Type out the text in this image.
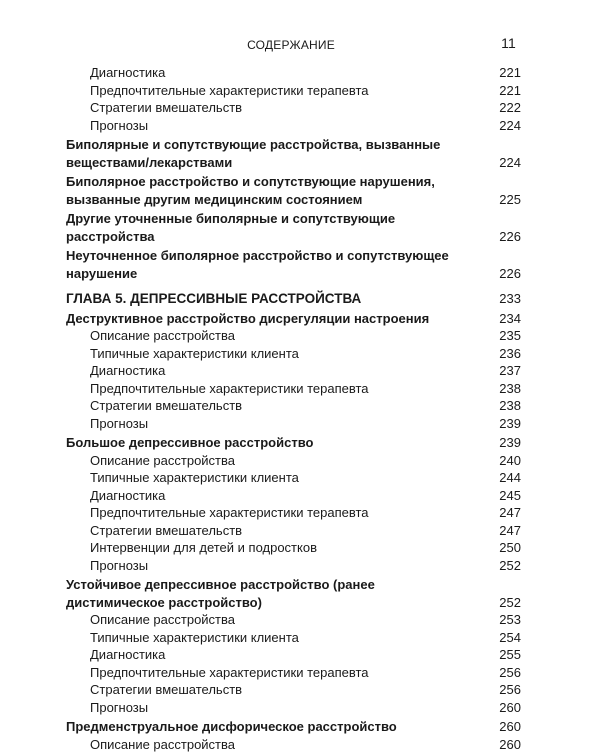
СОДЕРЖАНИЕ	11
Диагностика	221
Предпочтительные характеристики терапевта	221
Стратегии вмешательств	222
Прогнозы	224
Биполярные и сопутствующие расстройства, вызванные веществами/лекарствами	224
Биполярное расстройство и сопутствующие нарушения, вызванные другим медицинским состоянием	225
Другие уточненные биполярные и сопутствующие расстройства	226
Неуточненное биполярное расстройство и сопутствующее нарушение	226
ГЛАВА 5. ДЕПРЕССИВНЫЕ РАССТРОЙСТВА	233
Деструктивное расстройство дисрегуляции настроения	234
Описание расстройства	235
Типичные характеристики клиента	236
Диагностика	237
Предпочтительные характеристики терапевта	238
Стратегии вмешательств	238
Прогнозы	239
Большое депрессивное расстройство	239
Описание расстройства	240
Типичные характеристики клиента	244
Диагностика	245
Предпочтительные характеристики терапевта	247
Стратегии вмешательств	247
Интервенции для детей и подростков	250
Прогнозы	252
Устойчивое депрессивное расстройство (ранее дистимическое расстройство)	252
Описание расстройства	253
Типичные характеристики клиента	254
Диагностика	255
Предпочтительные характеристики терапевта	256
Стратегии вмешательств	256
Прогнозы	260
Предменструальное дисфорическое расстройство	260
Описание расстройства	260
